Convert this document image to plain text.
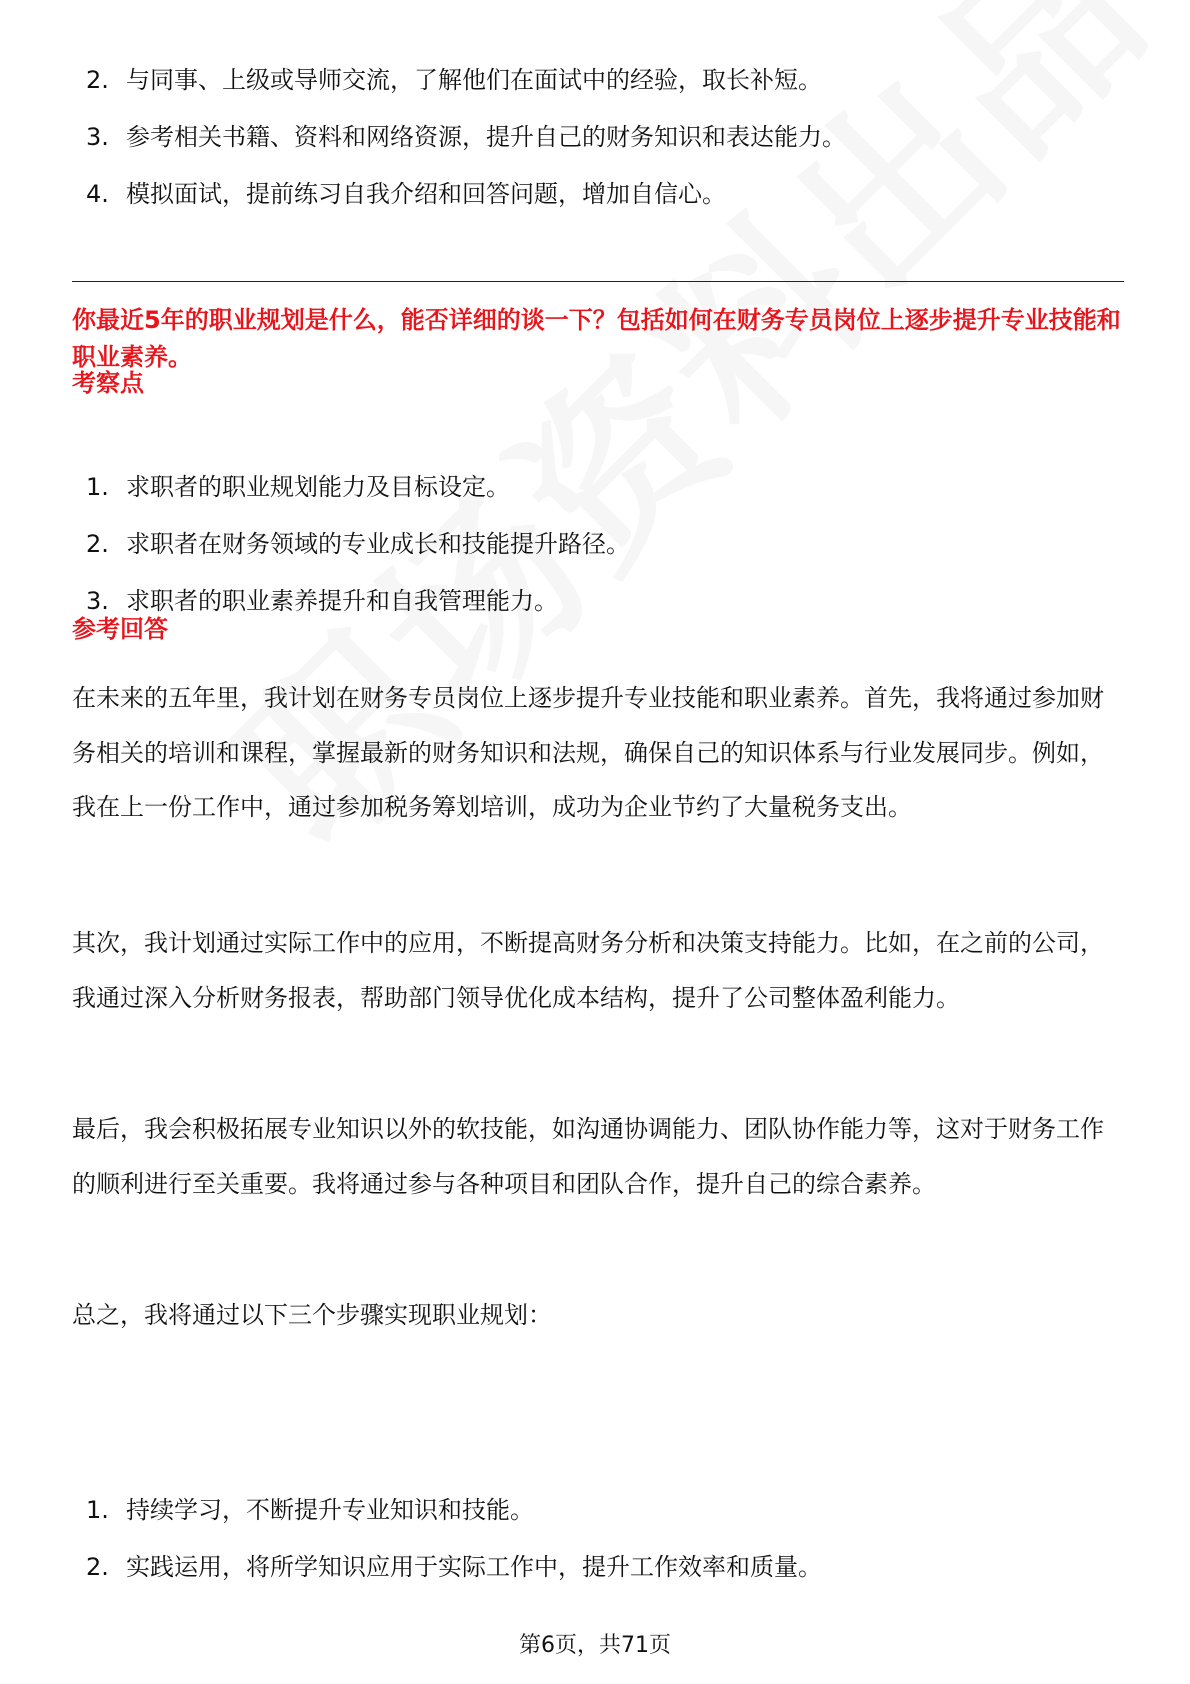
2. 与同事、上级或导师交流，了解他们在面试中的经验，取长补短。
3. 参考相关书籍、资料和网络资源，提升自己的财务知识和表达能力。
4. 模拟面试，提前练习自我介绍和回答问题，增加自信心。
你最近5年的职业规划是什么，能否详细的谈一下？包括如何在财务专员岗位上逐步提升专业技能和职业素养。
考察点
1. 求职者的职业规划能力及目标设定。
2. 求职者在财务领域的专业成长和技能提升路径。
3. 求职者的职业素养提升和自我管理能力。
参考回答

在未来的五年里，我计划在财务专员岗位上逐步提升专业技能和职业素养。首先，我将通过参加财务相关的培训和课程，掌握最新的财务知识和法规，确保自己的知识体系与行业发展同步。例如，我在上一份工作中，通过参加税务筹划培训，成功为企业节约了大量税务支出。

其次，我计划通过实际工作中的应用，不断提高财务分析和决策支持能力。比如，在之前的公司，我通过深入分析财务报表，帮助部门领导优化成本结构，提升了公司整体盈利能力。

最后，我会积极拓展专业知识以外的软技能，如沟通协调能力、团队协作能力等，这对于财务工作的顺利进行至关重要。我将通过参与各种项目和团队合作，提升自己的综合素养。

总之，我将通过以下三个步骤实现职业规划：

1. 持续学习，不断提升专业知识和技能。
2. 实践运用，将所学知识应用于实际工作中，提升工作效率和质量。
第6页，共71页
